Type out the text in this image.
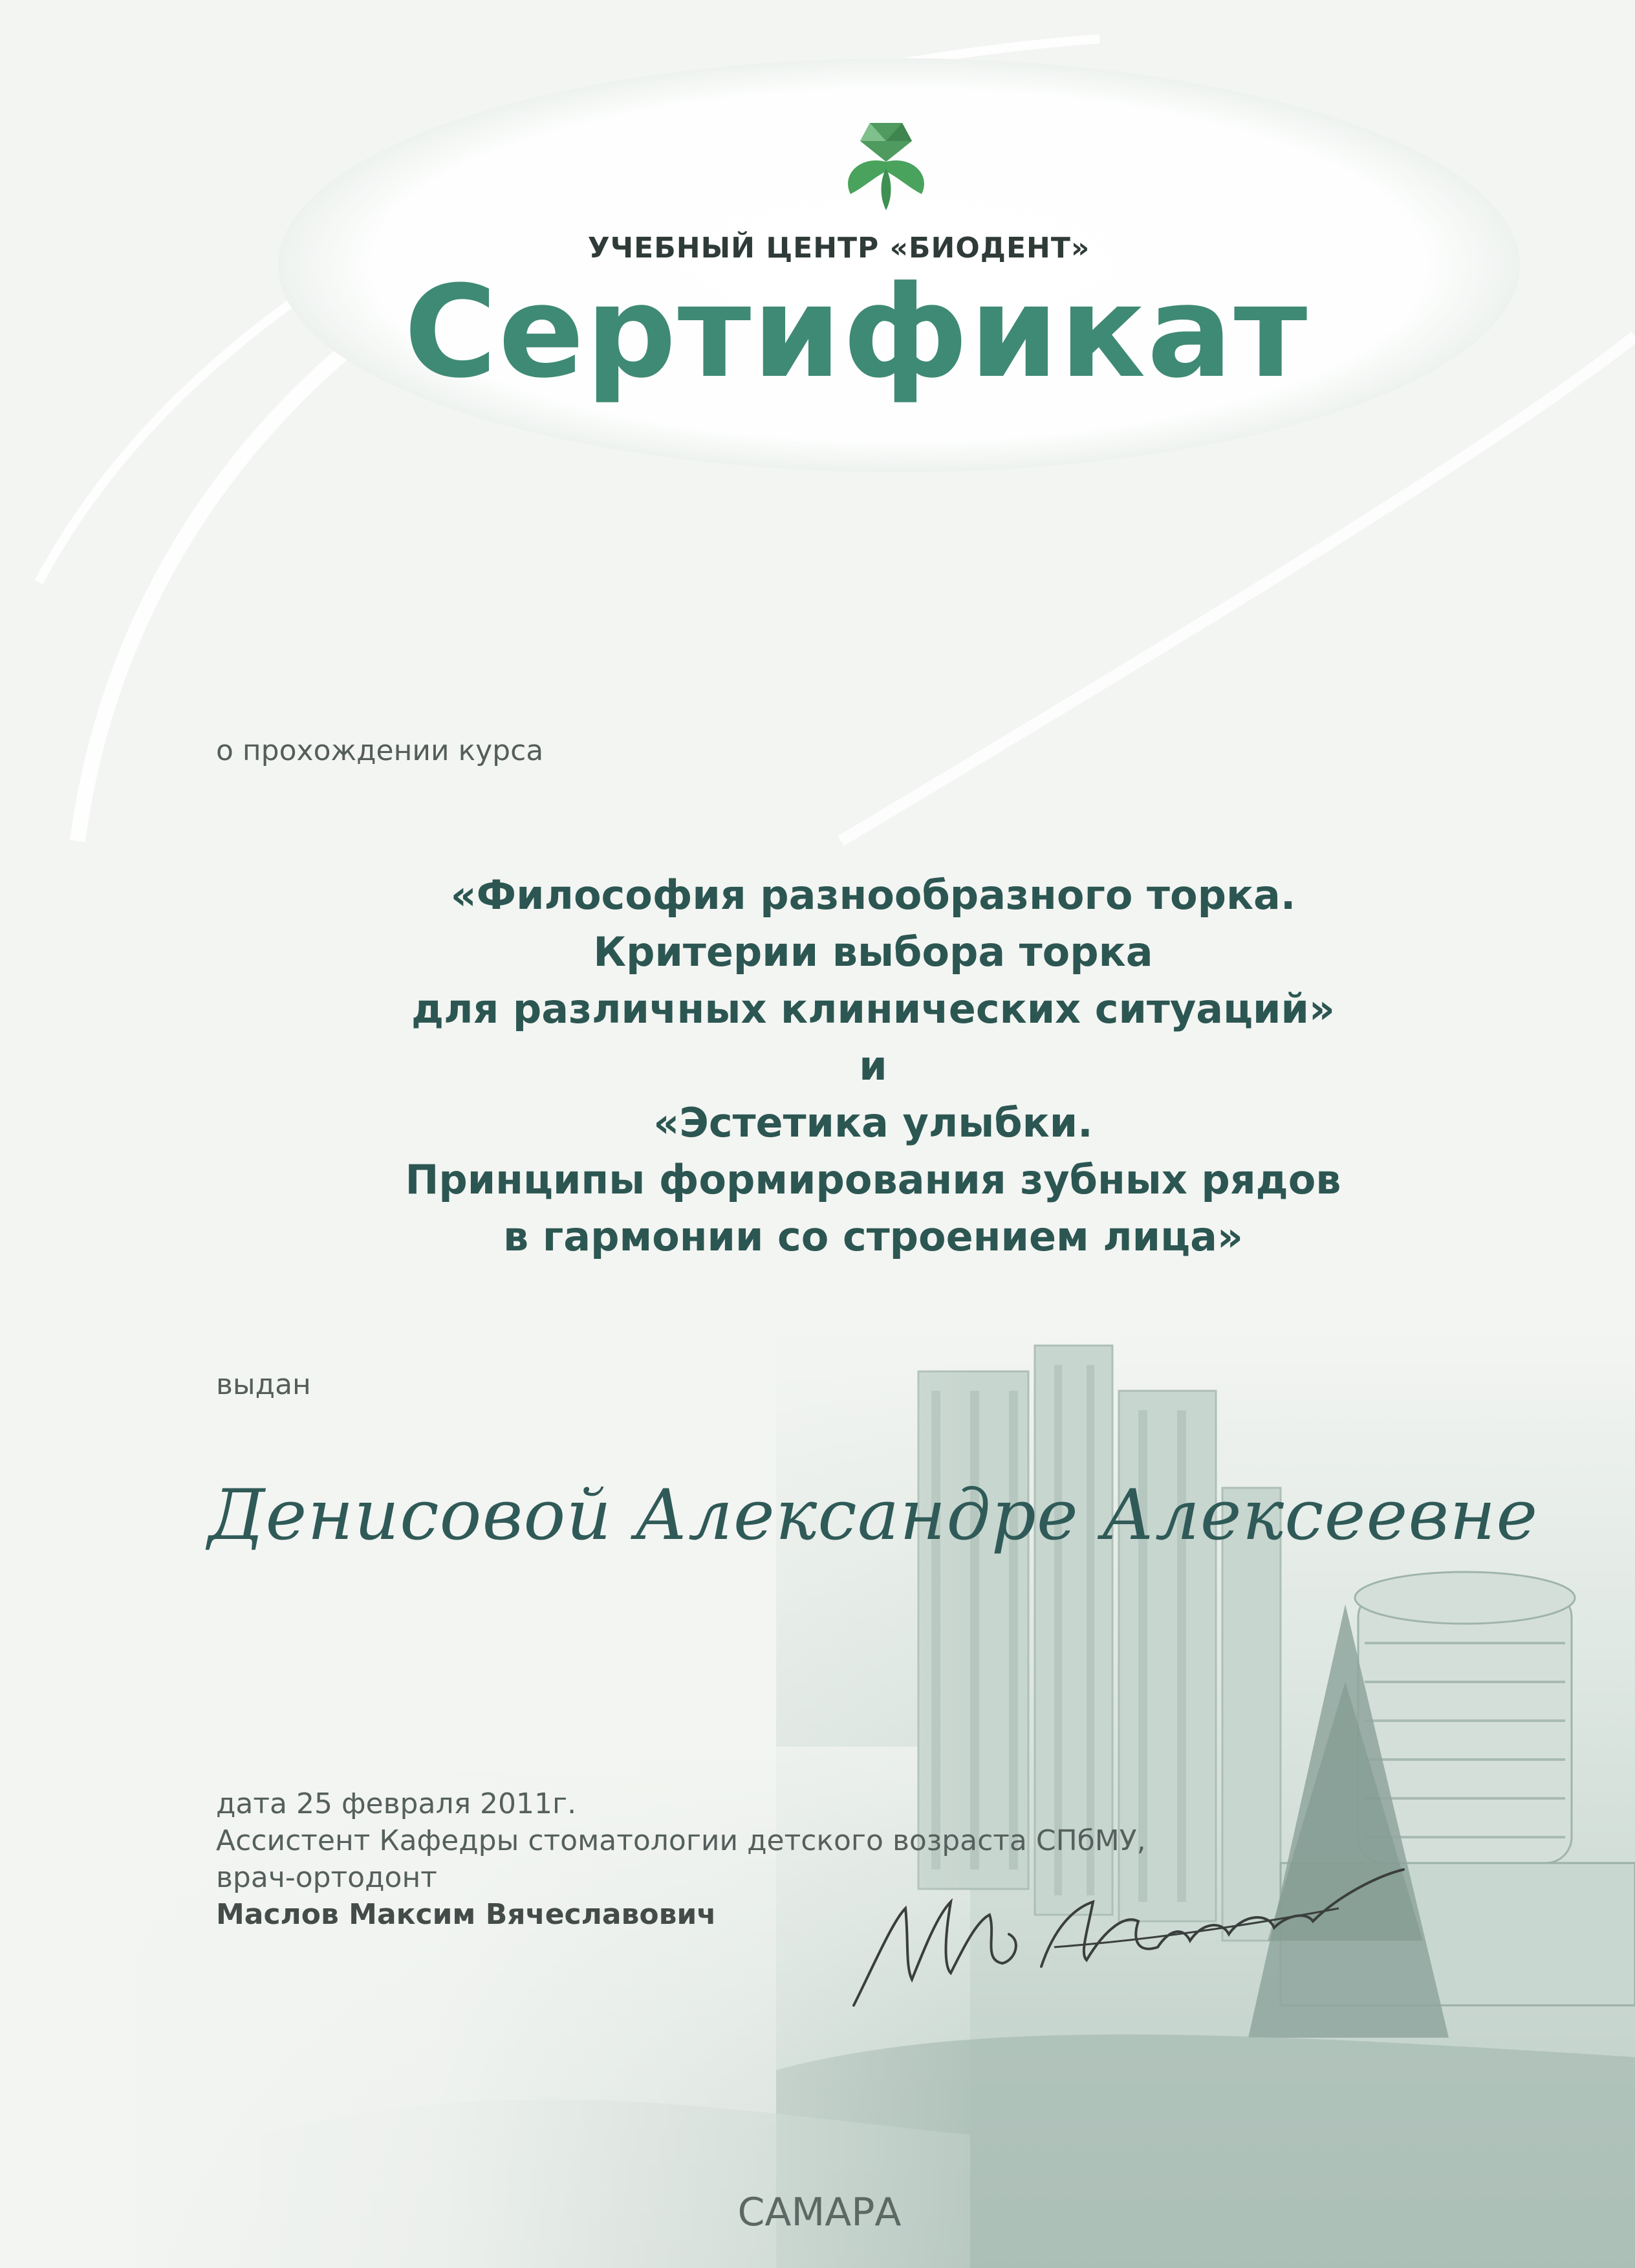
УЧЕБНЫЙ ЦЕНТР «БИОДЕНТ»
Сертификат
о прохождении курса
«Философия разнообразного торка.
Критерии выбора торка
для различных клинических ситуаций»
и
«Эстетика улыбки.
Принципы формирования зубных рядов
в гармонии со строением лица»
выдан
Денисовой Александре Алексеевне
дата 25 февраля 2011г.
Ассистент Кафедры стоматологии детского возраста СПбМУ,
врач-ортодонт
Маслов Максим Вячеславович
САМАРА
